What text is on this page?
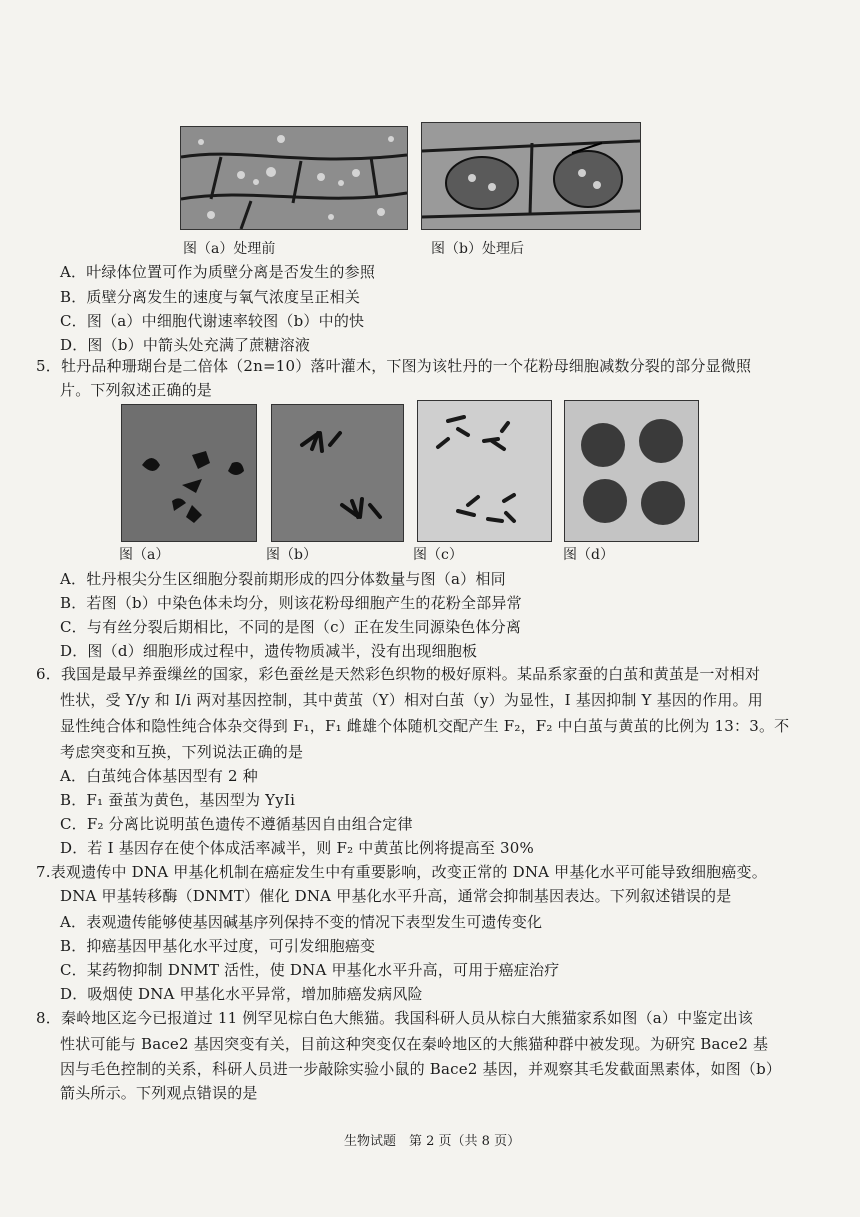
图（a）处理前	图（b）处理后
A．叶绿体位置可作为质壁分离是否发生的参照
B．质壁分离发生的速度与氧气浓度呈正相关
C．图（a）中细胞代谢速率较图（b）中的快
D．图（b）中箭头处充满了蔗糖溶液
5．牡丹品种珊瑚台是二倍体（2n=10）落叶灌木，下图为该牡丹的一个花粉母细胞减数分裂的部分显微照
片。下列叙述正确的是
图（a）	图（b）	图（c）	图（d）
A．牡丹根尖分生区细胞分裂前期形成的四分体数量与图（a）相同
B．若图（b）中染色体未均分，则该花粉母细胞产生的花粉全部异常
C．与有丝分裂后期相比，不同的是图（c）正在发生同源染色体分离
D．图（d）细胞形成过程中，遗传物质减半，没有出现细胞板
6．我国是最早养蚕缫丝的国家，彩色蚕丝是天然彩色织物的极好原料。某品系家蚕的白茧和黄茧是一对相对
性状，受 Y/y 和 I/i 两对基因控制，其中黄茧（Y）相对白茧（y）为显性，I 基因抑制 Y 基因的作用。用
显性纯合体和隐性纯合体杂交得到 F₁，F₁ 雌雄个体随机交配产生 F₂，F₂ 中白茧与黄茧的比例为 13：3。不
考虑突变和互换，下列说法正确的是
A．白茧纯合体基因型有 2 种
B．F₁ 蚕茧为黄色，基因型为 YyIi
C．F₂ 分离比说明茧色遗传不遵循基因自由组合定律
D．若 I 基因存在使个体成活率减半，则 F₂ 中黄茧比例将提高至 30%
7.表观遗传中 DNA 甲基化机制在癌症发生中有重要影响，改变正常的 DNA 甲基化水平可能导致细胞癌变。
DNA 甲基转移酶（DNMT）催化 DNA 甲基化水平升高，通常会抑制基因表达。下列叙述错误的是
A．表观遗传能够使基因碱基序列保持不变的情况下表型发生可遗传变化
B．抑癌基因甲基化水平过度，可引发细胞癌变
C．某药物抑制 DNMT 活性，使 DNA 甲基化水平升高，可用于癌症治疗
D．吸烟使 DNA 甲基化水平异常，增加肺癌发病风险
8．秦岭地区迄今已报道过 11 例罕见棕白色大熊猫。我国科研人员从棕白大熊猫家系如图（a）中鉴定出该
性状可能与 Bace2 基因突变有关，目前这种突变仅在秦岭地区的大熊猫种群中被发现。为研究 Bace2 基
因与毛色控制的关系，科研人员进一步敲除实验小鼠的 Bace2 基因，并观察其毛发截面黑素体，如图（b）
箭头所示。下列观点错误的是
生物试题　第 2 页（共 8 页）
